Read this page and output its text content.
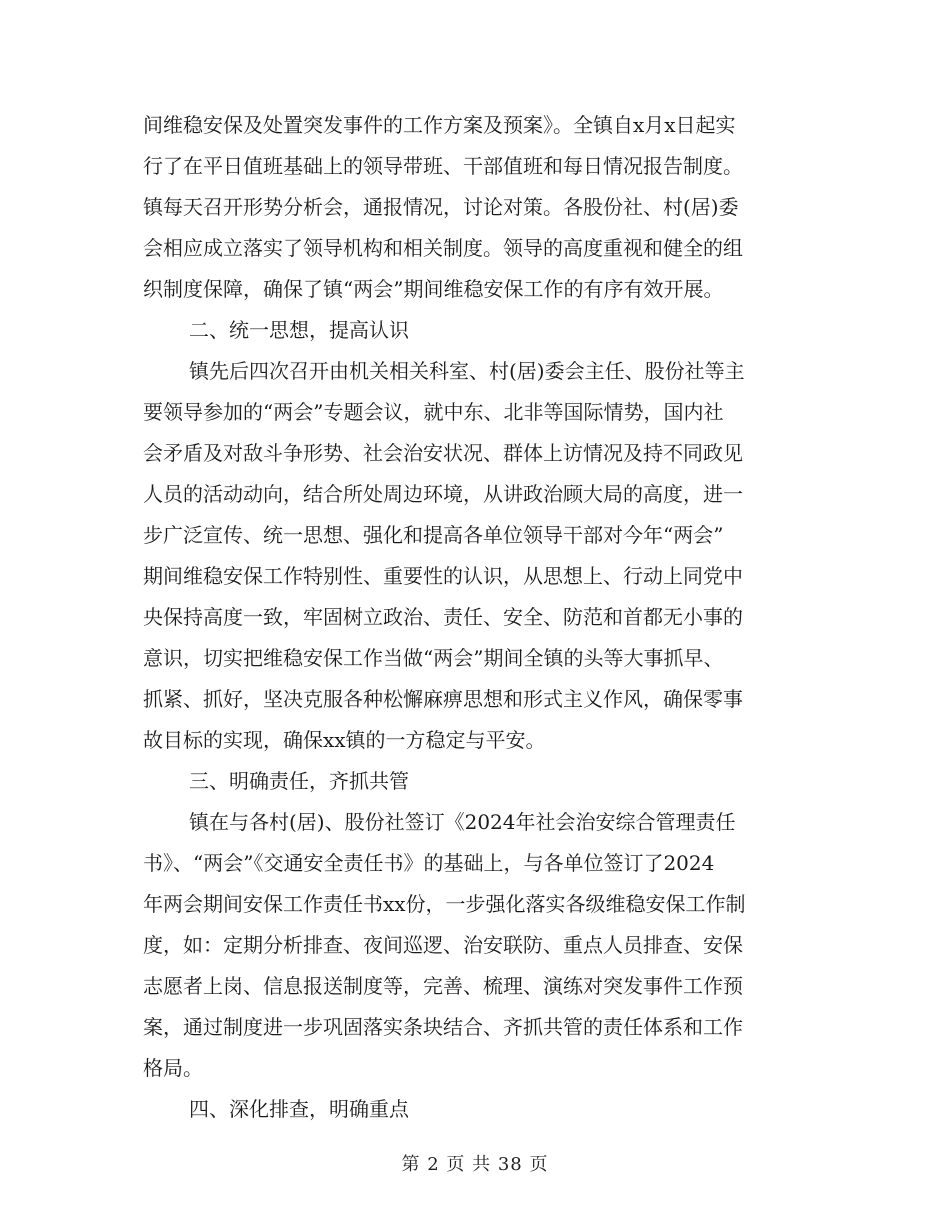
间维稳安保及处置突发事件的工作方案及预案》。全镇自x月x日起实
行了在平日值班基础上的领导带班、干部值班和每日情况报告制度。
镇每天召开形势分析会，通报情况，讨论对策。各股份社、村(居)委
会相应成立落实了领导机构和相关制度。领导的高度重视和健全的组
织制度保障，确保了镇“两会”期间维稳安保工作的有序有效开展。
二、统一思想，提高认识
镇先后四次召开由机关相关科室、村(居)委会主任、股份社等主
要领导参加的“两会”专题会议，就中东、北非等国际情势，国内社
会矛盾及对敌斗争形势、社会治安状况、群体上访情况及持不同政见
人员的活动动向，结合所处周边环境，从讲政治顾大局的高度，进一
步广泛宣传、统一思想、强化和提高各单位领导干部对今年“两会”
期间维稳安保工作特别性、重要性的认识，从思想上、行动上同党中
央保持高度一致，牢固树立政治、责任、安全、防范和首都无小事的
意识，切实把维稳安保工作当做“两会”期间全镇的头等大事抓早、
抓紧、抓好，坚决克服各种松懈麻痹思想和形式主义作风，确保零事
故目标的实现，确保xx镇的一方稳定与平安。
三、明确责任，齐抓共管
镇在与各村(居)、股份社签订《2024年社会治安综合管理责任
书》、“两会”《交通安全责任书》的基础上，与各单位签订了2024
年两会期间安保工作责任书xx份，一步强化落实各级维稳安保工作制
度，如：定期分析排查、夜间巡逻、治安联防、重点人员排查、安保
志愿者上岗、信息报送制度等，完善、梳理、演练对突发事件工作预
案，通过制度进一步巩固落实条块结合、齐抓共管的责任体系和工作
格局。
四、深化排查，明确重点
第 2 页 共 38 页
